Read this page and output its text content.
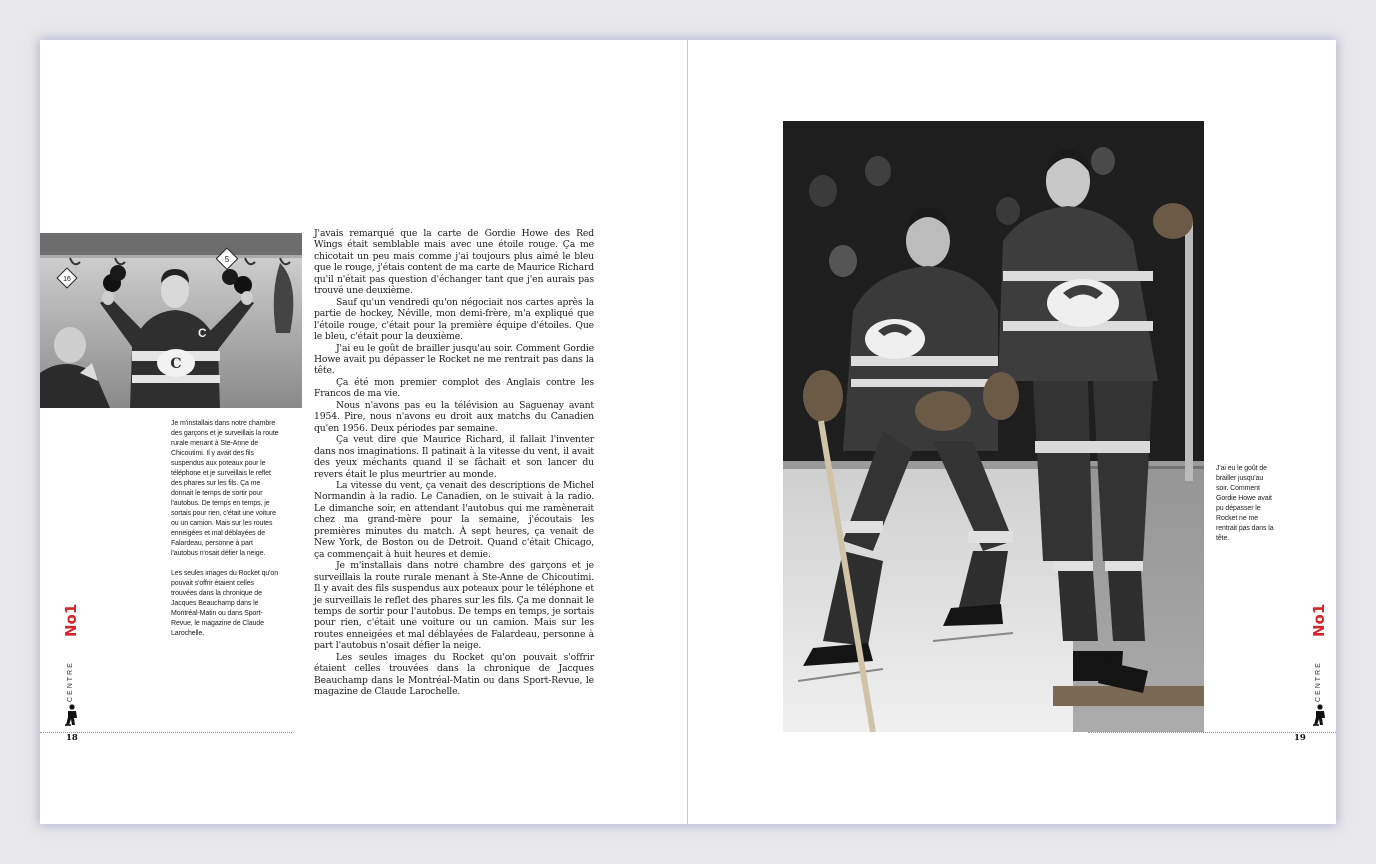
16
5
C
C

Je m'installais dans notre chambre des garçons et je surveillais la route rurale menant à Ste-Anne de Chicoutimi. Il y avait des fils suspendus aux poteaux pour le téléphone et je surveillais le reflet des phares sur les fils. Ça me donnait le temps de sortir pour l'autobus. De temps en temps, je sortais pour rien, c'était une voiture ou un camion. Mais sur les routes enneigées et mal déblayées de Falardeau, personne à part l'autobus n'osait défier la neige.

Les seules images du Rocket qu'on pouvait s'offrir étaient celles trouvées dans la chronique de Jacques Beauchamp dans le Montréal-Matin ou dans Sport-Revue, le magazine de Claude Larochelle.

J'avais remarqué que la carte de Gordie Howe des Red Wings était semblable mais avec une étoile rouge. Ça me chicotait un peu mais comme j'ai toujours plus aimé le bleu que le rouge, j'étais content de ma carte de Maurice Richard qu'il n'était pas question d'échanger tant que j'en aurais pas trouvé une deuxième.

Sauf qu'un vendredi qu'on négociait nos cartes après la partie de hockey, Néville, mon demi-frère, m'a expliqué que l'étoile rouge, c'était pour la première équipe d'étoiles. Que le bleu, c'était pour la deuxième.

J'ai eu le goût de brailler jusqu'au soir. Comment Gordie Howe avait pu dépasser le Rocket ne me rentrait pas dans la tête.

Ça été mon premier complot des Anglais contre les Francos de ma vie.

Nous n'avons pas eu la télévision au Saguenay avant 1954. Pire, nous n'avons eu droit aux matchs du Canadien qu'en 1956. Deux périodes par semaine.

Ça veut dire que Maurice Richard, il fallait l'inventer dans nos imaginations. Il patinait à la vitesse du vent, il avait des yeux méchants quand il se fâchait et son lancer du revers était le plus meurtrier au monde.

La vitesse du vent, ça venait des descriptions de Michel Normandin à la radio. Le Canadien, on le suivait à la radio. Le dimanche soir, en attendant l'autobus qui me ramènerait chez ma grand-mère pour la semaine, j'écoutais les premières minutes du match. À sept heures, ça venait de New York, de Boston ou de Detroit. Quand c'était Chicago, ça commençait à huit heures et demie.

Je m'installais dans notre chambre des garçons et je surveillais la route rurale menant à Ste-Anne de Chicoutimi. Il y avait des fils suspendus aux poteaux pour le téléphone et je surveillais le reflet des phares sur les fils. Ça me donnait le temps de sortir pour l'autobus. De temps en temps, je sortais pour rien, c'était une voiture ou un camion. Mais sur les routes enneigées et mal déblayées de Falardeau, personne à part l'autobus n'osait défier la neige.

Les seules images du Rocket qu'on pouvait s'offrir étaient celles trouvées dans la chronique de Jacques Beauchamp dans le Montréal-Matin ou dans Sport-Revue, le magazine de Claude Larochelle.

No1
CENTRE
18

J'ai eu le goût de brailler jusqu'au soir. Comment Gordie Howe avait pu dépasser le Rocket ne me rentrait pas dans la tête.

No1
CENTRE
19
